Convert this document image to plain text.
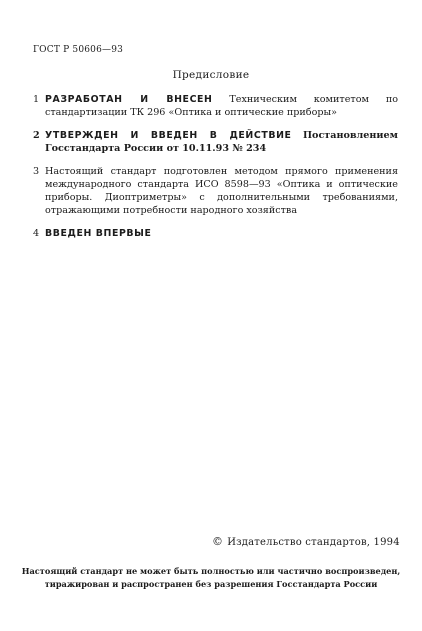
ГОСТ Р 50606—93
Предисловие
1 РАЗРАБОТАН И ВНЕСЕН Техническим комитетом по стандартизации ТК 296 «Оптика и оптические приборы»
2 УТВЕРЖДЕН И ВВЕДЕН В ДЕЙСТВИЕ Постановлением Госстандарта России от 10.11.93 № 234
3 Настоящий стандарт подготовлен методом прямого применения международного стандарта ИСО 8598—93 «Оптика и оптические приборы. Диоптриметры» с дополнительными требованиями, отражающими потребности народного хозяйства
4 ВВЕДЕН ВПЕРВЫЕ
© Издательство стандартов, 1994
Настоящий стандарт не может быть полностью или частично воспроизведен, тиражирован и распространен без разрешения Госстандарта России
